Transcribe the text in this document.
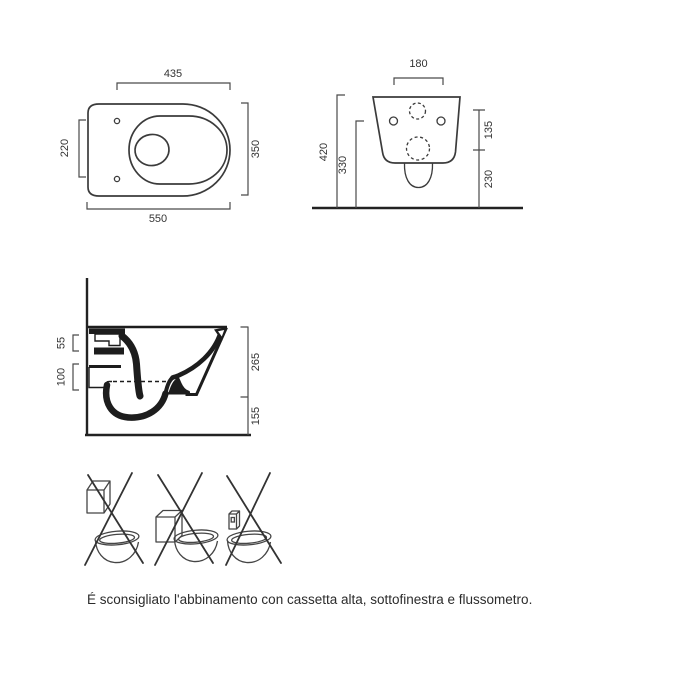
435
220	350
550
180
420
330
135
230
55
100
265
155
É sconsigliato l'abbinamento con cassetta alta, sottofinestra e flussometro.
